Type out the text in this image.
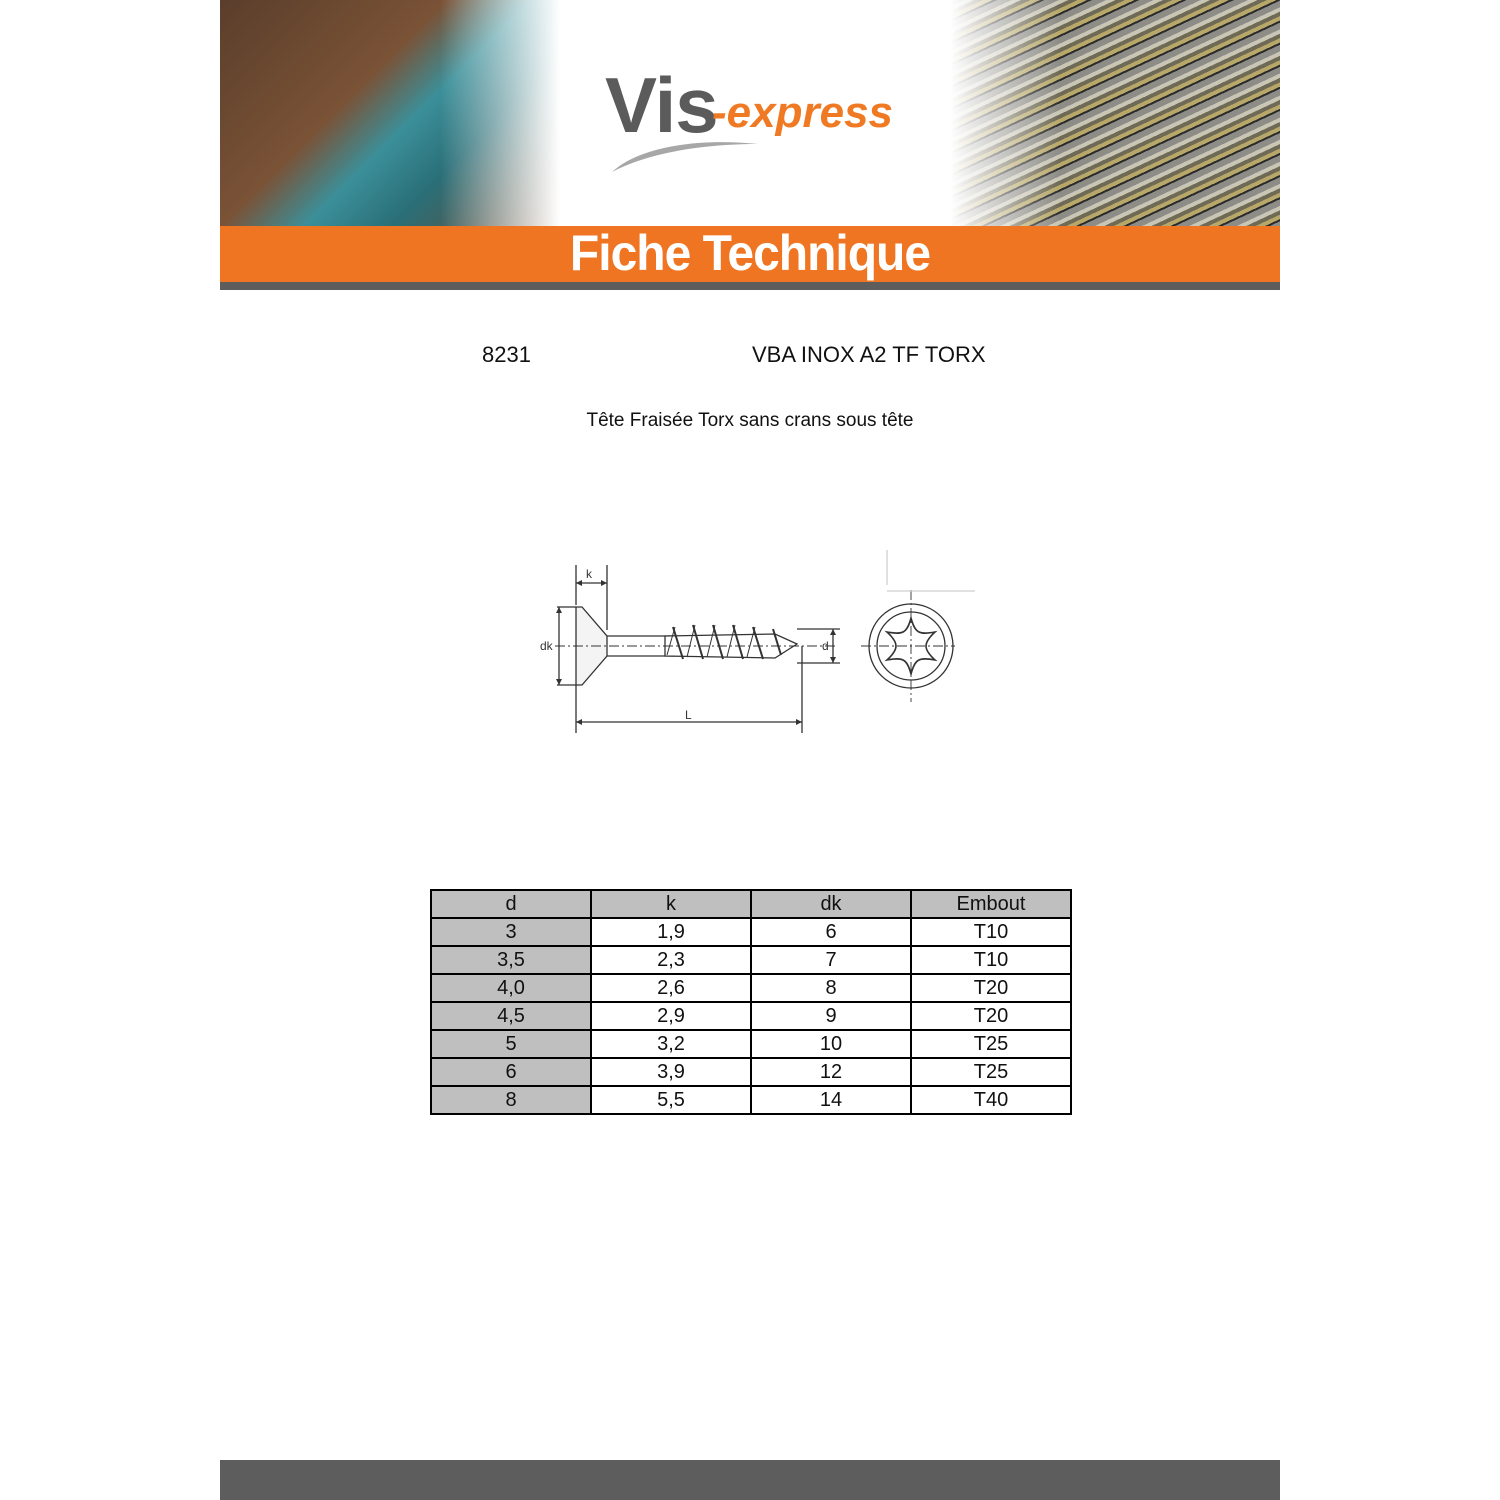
Vis
-express
Fiche Technique
8231	VBA INOX A2 TF TORX
Tête Fraisée Torx sans crans sous tête
k
dk	d
L
d	k	dk	Embout
3	1,9	6	T10
3,5	2,3	7	T10
4,0	2,6	8	T20
4,5	2,9	9	T20
5	3,2	10	T25
6	3,9	12	T25
8	5,5	14	T40
